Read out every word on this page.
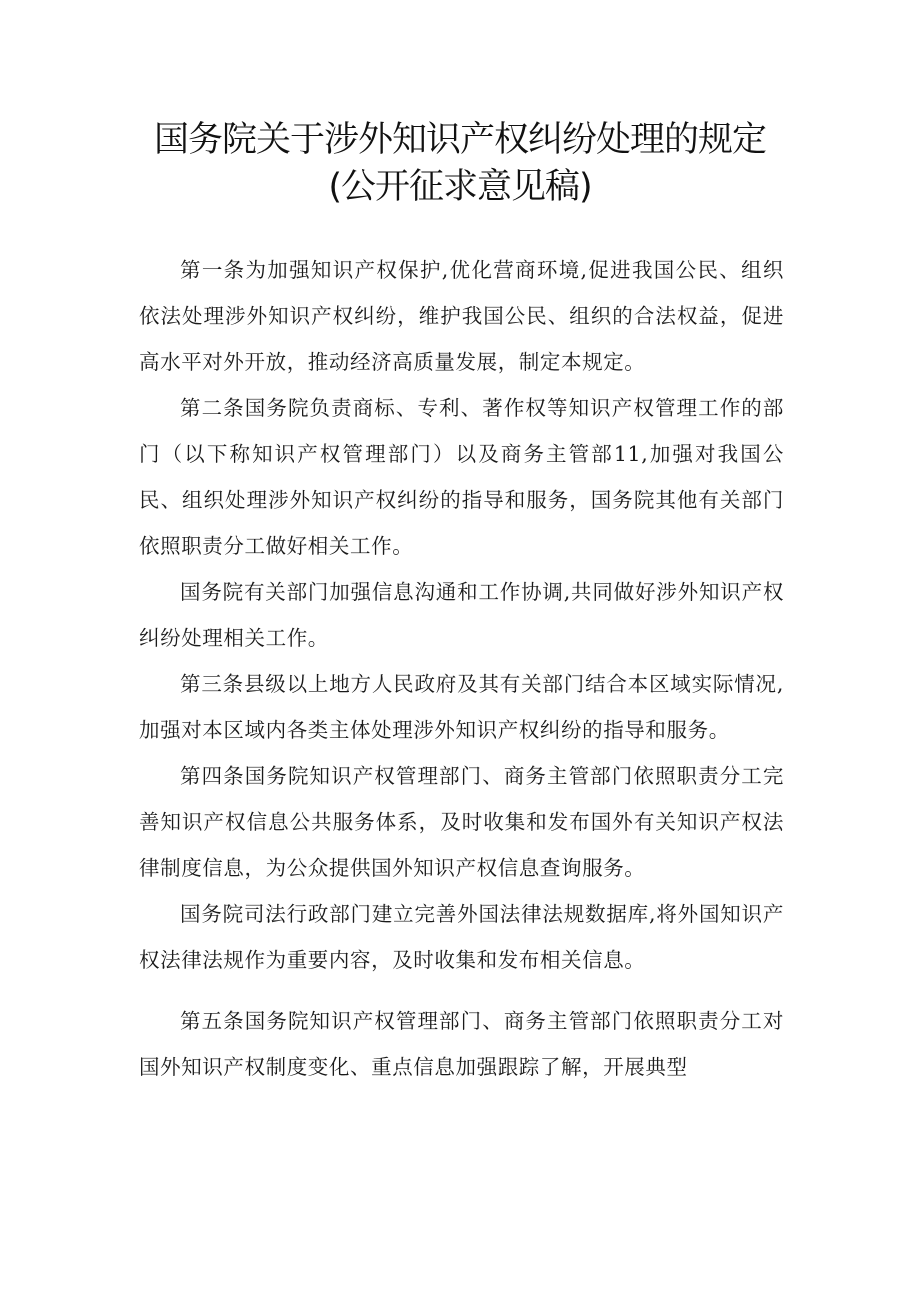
国务院关于涉外知识产权纠纷处理的规定
(公开征求意见稿)

第一条为加强知识产权保护,优化营商环境,促进我国公民、组织依法处理涉外知识产权纠纷，维护我国公民、组织的合法权益，促进高水平对外开放，推动经济高质量发展，制定本规定。

第二条国务院负责商标、专利、著作权等知识产权管理工作的部门（以下称知识产权管理部门）以及商务主管部11,加强对我国公民、组织处理涉外知识产权纠纷的指导和服务，国务院其他有关部门依照职责分工做好相关工作。

国务院有关部门加强信息沟通和工作协调,共同做好涉外知识产权纠纷处理相关工作。

第三条县级以上地方人民政府及其有关部门结合本区域实际情况,加强对本区域内各类主体处理涉外知识产权纠纷的指导和服务。

第四条国务院知识产权管理部门、商务主管部门依照职责分工完善知识产权信息公共服务体系，及时收集和发布国外有关知识产权法律制度信息，为公众提供国外知识产权信息查询服务。

国务院司法行政部门建立完善外国法律法规数据库,将外国知识产权法律法规作为重要内容，及时收集和发布相关信息。

第五条国务院知识产权管理部门、商务主管部门依照职责分工对国外知识产权制度变化、重点信息加强跟踪了解，开展典型
